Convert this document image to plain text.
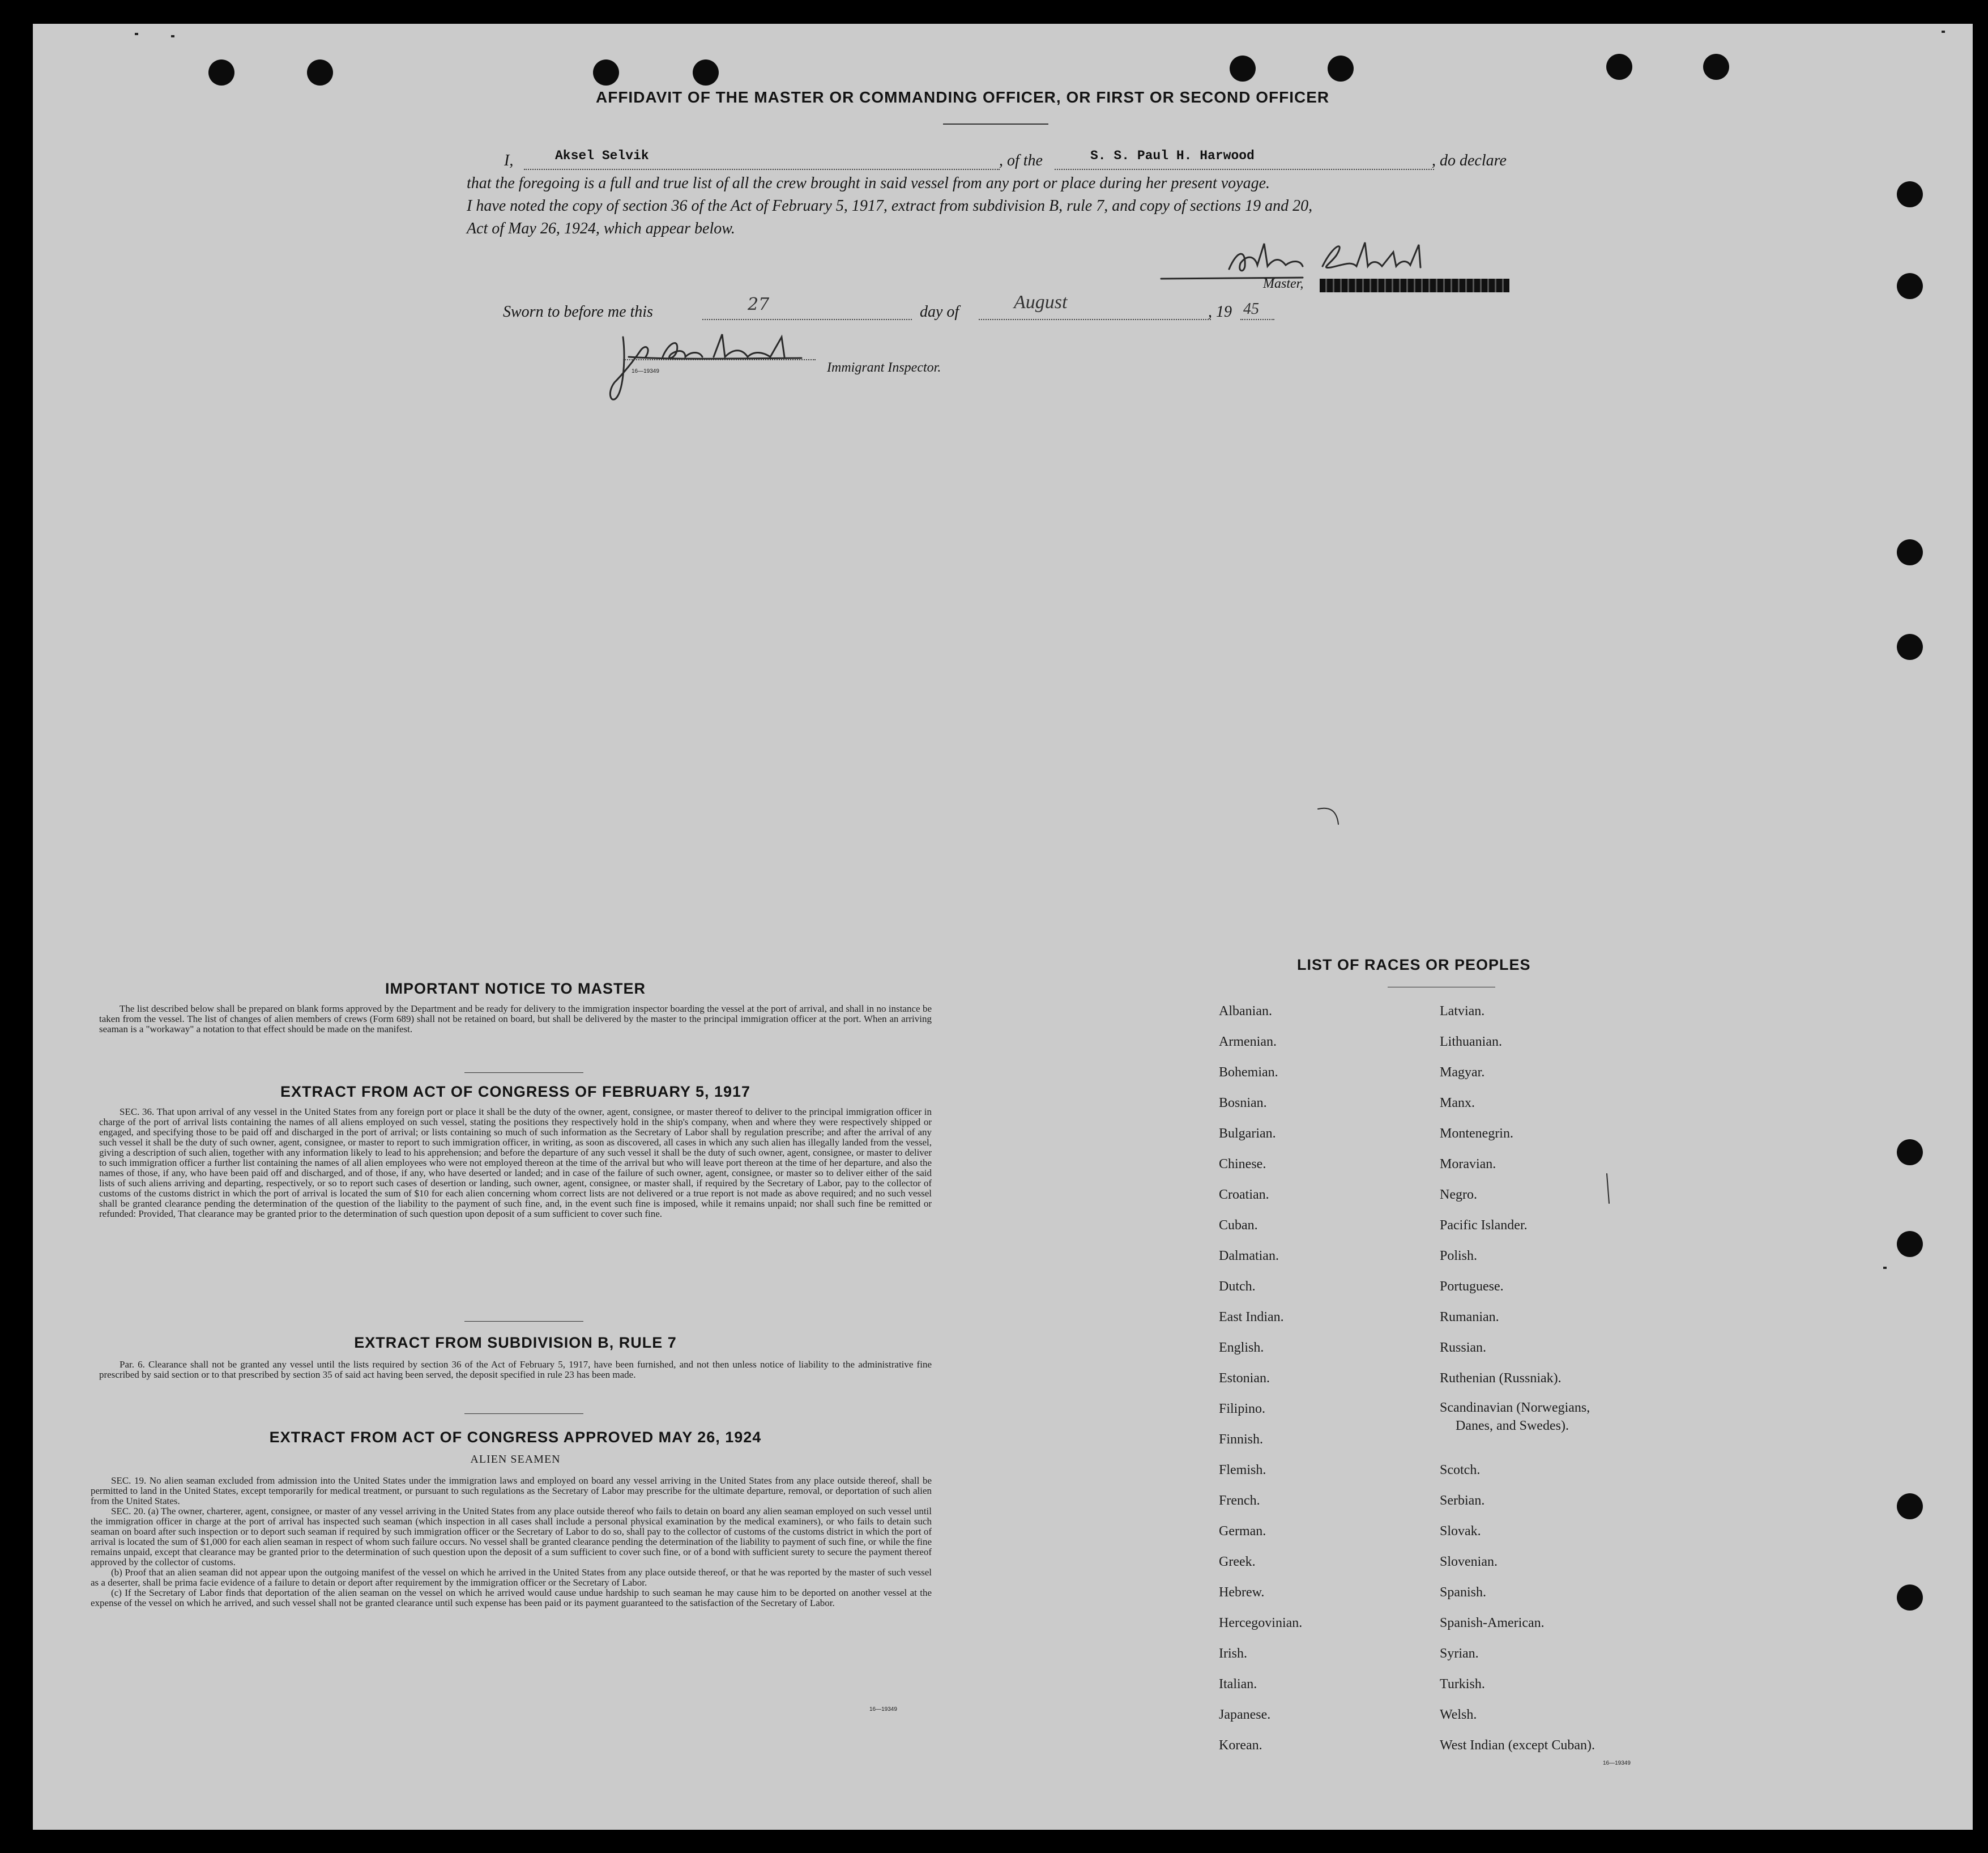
AFFIDAVIT OF THE MASTER OR COMMANDING OFFICER, OR FIRST OR SECOND OFFICER
I,	Aksel Selvik	, of the	S. S. Paul H. Harwood	, do declare
that the foregoing is a full and true list of all the crew brought in said vessel from any port or place during her present voyage.
I have noted the copy of section 36 of the Act of February 5, 1917, extract from subdivision B, rule 7, and copy of sections 19 and 20,
Act of May 26, 1924, which appear below.
Master,
Sworn to before me this	27	day of	August	, 19 45
16—19349	Immigrant Inspector.
IMPORTANT NOTICE TO MASTER

The list described below shall be prepared on blank forms approved by the Department and be ready for delivery to the immigration inspector boarding the vessel at the port of arrival, and shall in no instance be taken from the vessel. The list of changes of alien members of crews (Form 689) shall not be retained on board, but shall be delivered by the master to the principal immigration officer at the port. When an arriving seaman is a "workaway" a notation to that effect should be made on the manifest.

EXTRACT FROM ACT OF CONGRESS OF FEBRUARY 5, 1917

SEC. 36. That upon arrival of any vessel in the United States from any foreign port or place it shall be the duty of the owner, agent, consignee, or master thereof to deliver to the principal immigration officer in charge of the port of arrival lists containing the names of all aliens employed on such vessel, stating the positions they respectively hold in the ship's company, when and where they were respectively shipped or engaged, and specifying those to be paid off and discharged in the port of arrival; or lists containing so much of such information as the Secretary of Labor shall by regulation prescribe; and after the arrival of any such vessel it shall be the duty of such owner, agent, consignee, or master to report to such immigration officer, in writing, as soon as discovered, all cases in which any such alien has illegally landed from the vessel, giving a description of such alien, together with any information likely to lead to his apprehension; and before the departure of any such vessel it shall be the duty of such owner, agent, consignee, or master to deliver to such immigration officer a further list containing the names of all alien employees who were not employed thereon at the time of the arrival but who will leave port thereon at the time of her departure, and also the names of those, if any, who have been paid off and discharged, and of those, if any, who have deserted or landed; and in case of the failure of such owner, agent, consignee, or master so to deliver either of the said lists of such aliens arriving and departing, respectively, or so to report such cases of desertion or landing, such owner, agent, consignee, or master shall, if required by the Secretary of Labor, pay to the collector of customs of the customs district in which the port of arrival is located the sum of $10 for each alien concerning whom correct lists are not delivered or a true report is not made as above required; and no such vessel shall be granted clearance pending the determination of the question of the liability to the payment of such fine, and, in the event such fine is imposed, while it remains unpaid; nor shall such fine be remitted or refunded: Provided, That clearance may be granted prior to the determination of such question upon deposit of a sum sufficient to cover such fine.

EXTRACT FROM SUBDIVISION B, RULE 7

Par. 6. Clearance shall not be granted any vessel until the lists required by section 36 of the Act of February 5, 1917, have been furnished, and not then unless notice of liability to the administrative fine prescribed by said section or to that prescribed by section 35 of said act having been served, the deposit specified in rule 23 has been made.

EXTRACT FROM ACT OF CONGRESS APPROVED MAY 26, 1924
ALIEN SEAMEN

SEC. 19. No alien seaman excluded from admission into the United States under the immigration laws and employed on board any vessel arriving in the United States from any place outside thereof, shall be permitted to land in the United States, except temporarily for medical treatment, or pursuant to such regulations as the Secretary of Labor may prescribe for the ultimate departure, removal, or deportation of such alien from the United States.

SEC. 20. (a) The owner, charterer, agent, consignee, or master of any vessel arriving in the United States from any place outside thereof who fails to detain on board any alien seaman employed on such vessel until the immigration officer in charge at the port of arrival has inspected such seaman (which inspection in all cases shall include a personal physical examination by the medical examiners), or who fails to detain such seaman on board after such inspection or to deport such seaman if required by such immigration officer or the Secretary of Labor to do so, shall pay to the collector of customs of the customs district in which the port of arrival is located the sum of $1,000 for each alien seaman in respect of whom such failure occurs. No vessel shall be granted clearance pending the determination of the liability to payment of such fine, or while the fine remains unpaid, except that clearance may be granted prior to the determination of such question upon the deposit of a sum sufficient to cover such fine, or of a bond with sufficient surety to secure the payment thereof approved by the collector of customs.

(b) Proof that an alien seaman did not appear upon the outgoing manifest of the vessel on which he arrived in the United States from any place outside thereof, or that he was reported by the master of such vessel as a deserter, shall be prima facie evidence of a failure to detain or deport after requirement by the immigration officer or the Secretary of Labor.

(c) If the Secretary of Labor finds that deportation of the alien seaman on the vessel on which he arrived would cause undue hardship to such seaman he may cause him to be deported on another vessel at the expense of the vessel on which he arrived, and such vessel shall not be granted clearance until such expense has been paid or its payment guaranteed to the satisfaction of the Secretary of Labor.

16—19349
LIST OF RACES OR PEOPLES
16—19349
Albanian.
Armenian.
Bohemian.
Bosnian.
Bulgarian.
Chinese.
Croatian.
Cuban.
Dalmatian.
Dutch.
East Indian.
English.
Estonian.
Filipino.
Finnish.
Flemish.
French.
German.
Greek.
Hebrew.
Hercegovinian.
Irish.
Italian.
Japanese.
Korean.
Latvian.
Lithuanian.
Magyar.
Manx.
Montenegrin.
Moravian.
Negro.
Pacific Islander.
Polish.
Portuguese.
Rumanian.
Russian.
Ruthenian (Russniak).
Scandinavian (Norwegians,
Danes, and Swedes).
Scotch.
Serbian.
Slovak.
Slovenian.
Spanish.
Spanish-American.
Syrian.
Turkish.
Welsh.
West Indian (except Cuban).
